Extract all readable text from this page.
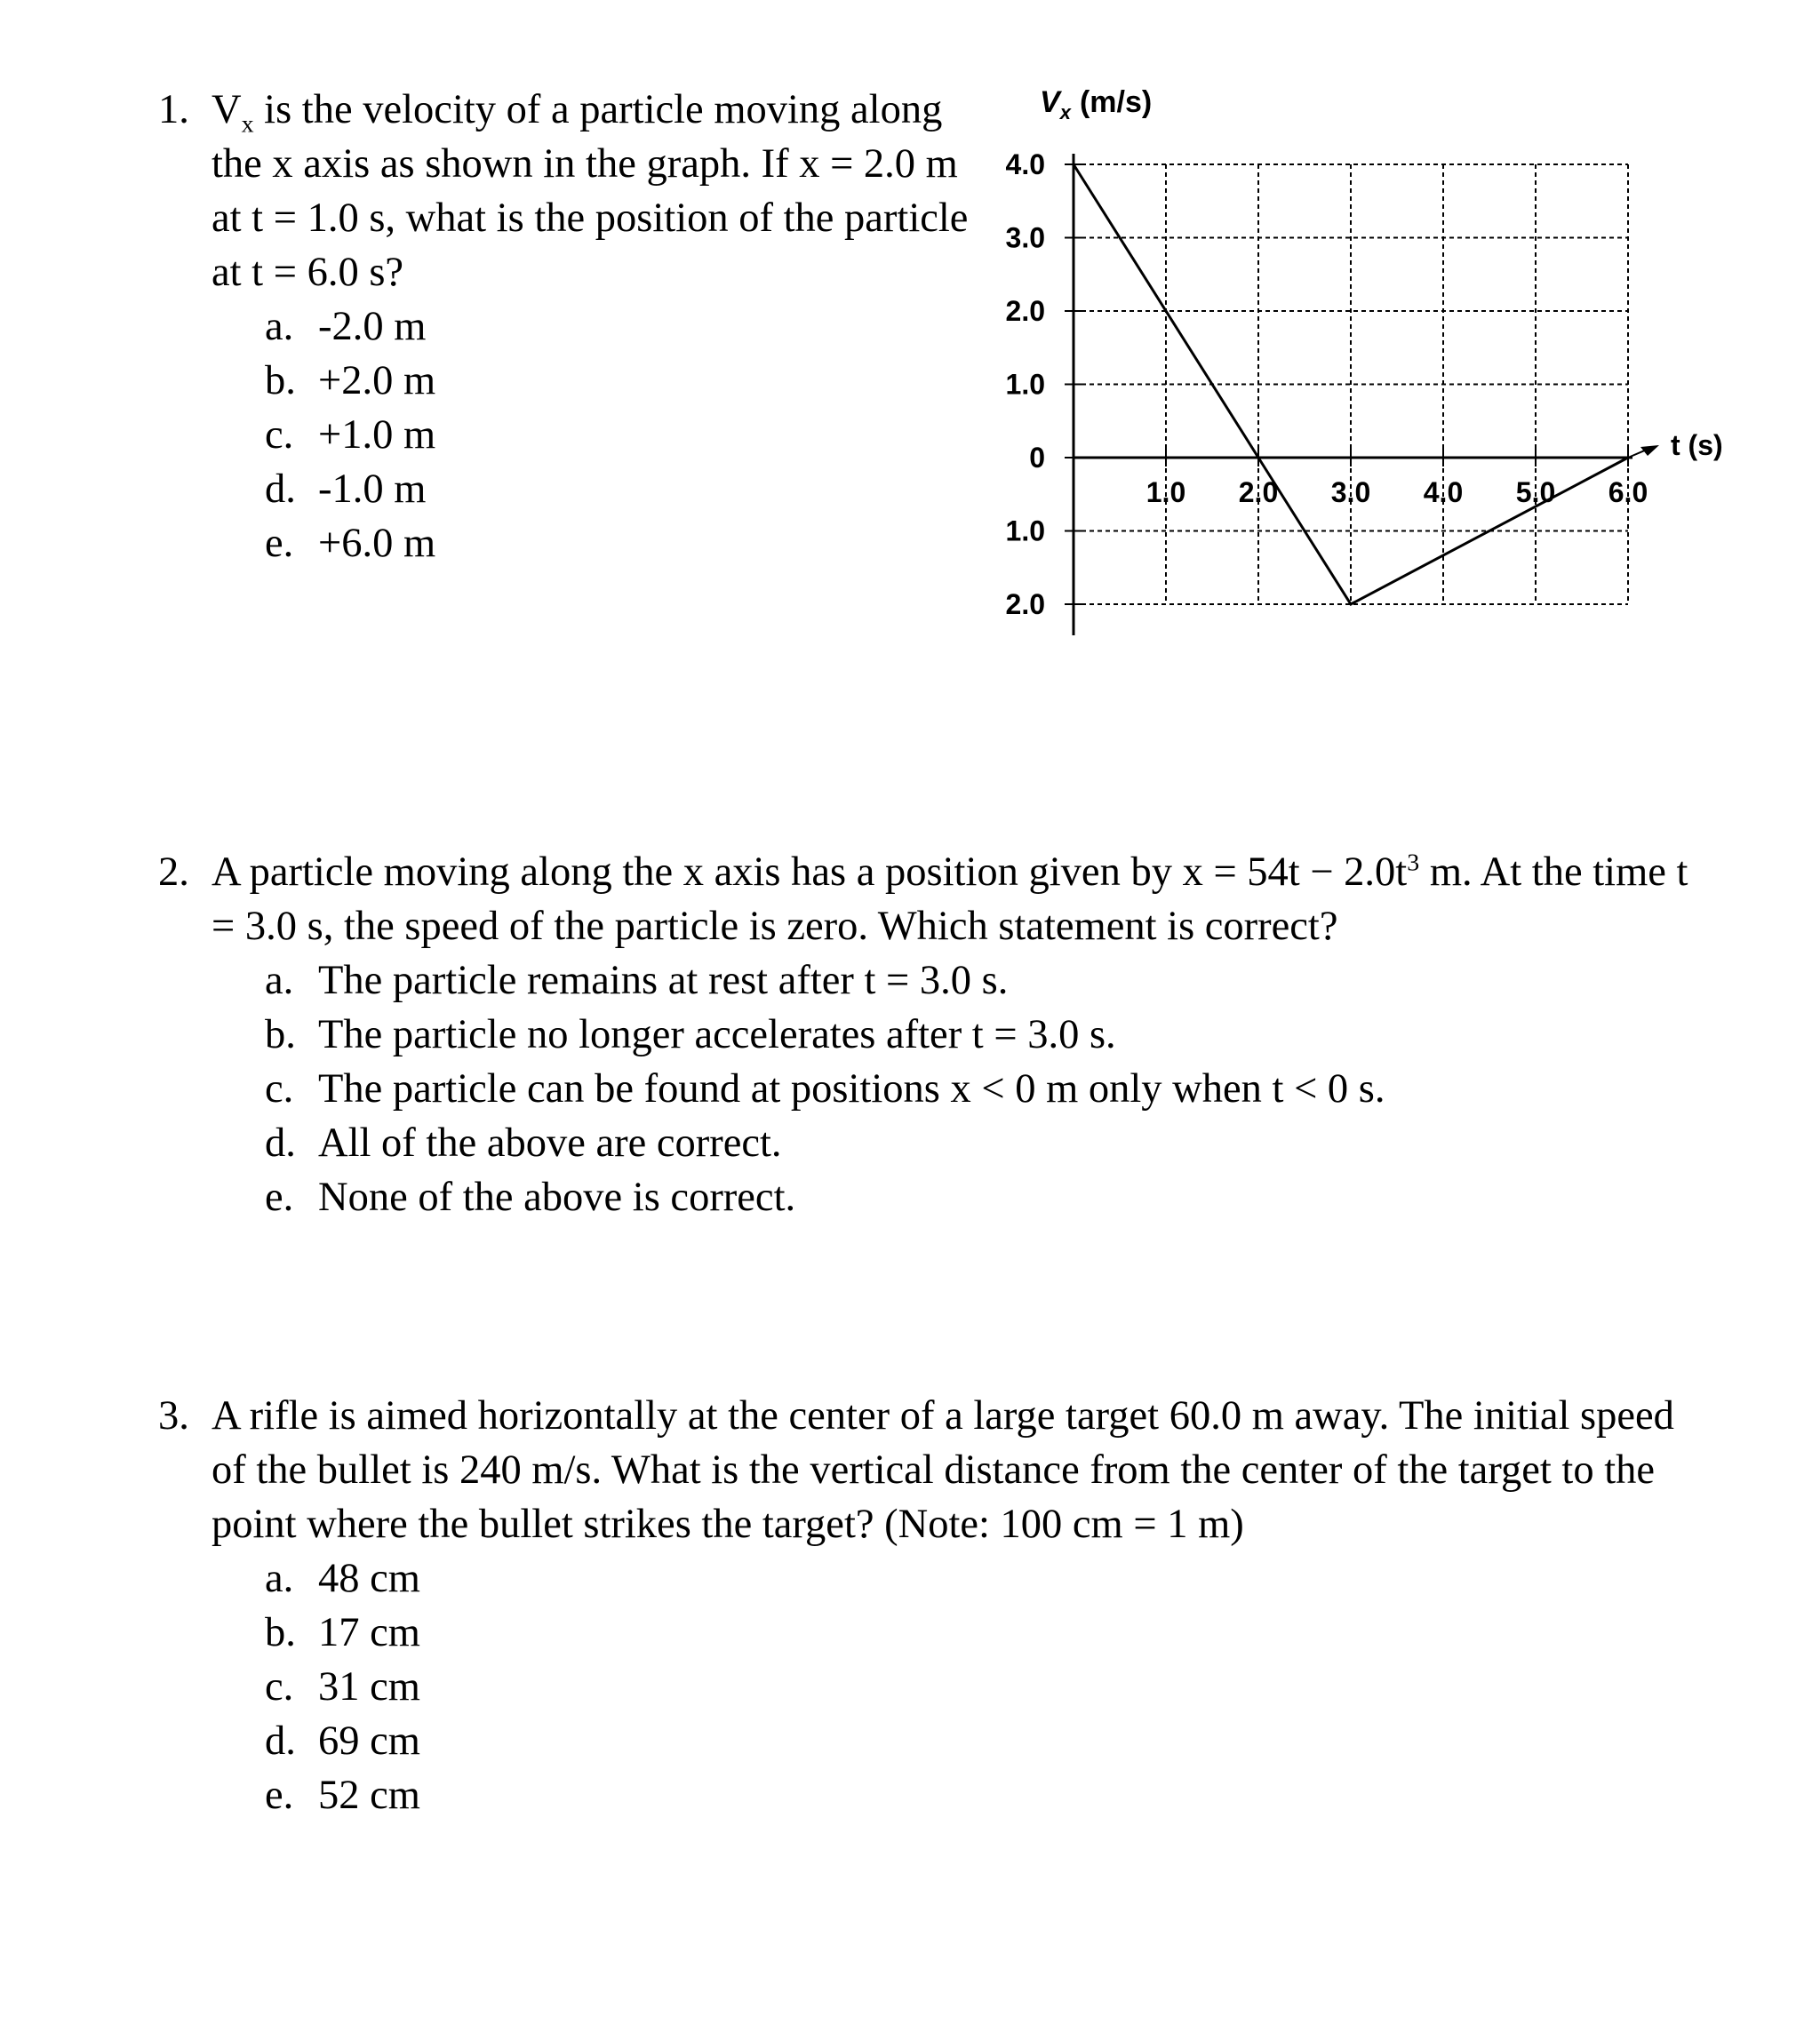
1. $V_x$ is the velocity of a particle moving along
the x axis as shown in the graph. If x = 2.0 m
at t = 1.0 s, what is the position of the particle
at t = 6.0 s?
a. -2.0 m
b. +2.0 m
c. +1.0 m
d. -1.0 m
e. +6.0 m
$V_x$ (m/s)
t (s)
4.0
3.0
2.0
1.0
0
1.0
2.0
1.0 2.0 3.0 4.0 5.0 6.0
2. A particle moving along the x axis has a position given by $x = 54t - 2.0t^3$ m. At the time t
= 3.0 s, the speed of the particle is zero. Which statement is correct?
a. The particle remains at rest after t = 3.0 s.
b. The particle no longer accelerates after t = 3.0 s.
c. The particle can be found at positions x < 0 m only when t < 0 s.
d. All of the above are correct.
e. None of the above is correct.
3. A rifle is aimed horizontally at the center of a large target 60.0 m away. The initial speed
of the bullet is 240 m/s. What is the vertical distance from the center of the target to the
point where the bullet strikes the target? (Note: 100 cm = 1 m)
a. 48 cm
b. 17 cm
c. 31 cm
d. 69 cm
e. 52 cm
